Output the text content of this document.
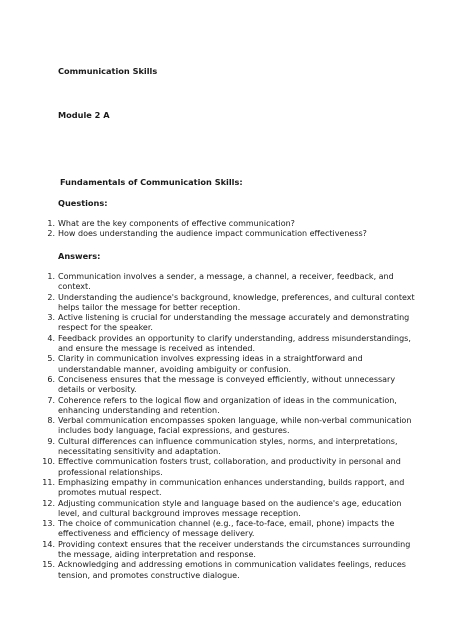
Communication Skills
Module 2 A
Fundamentals of Communication Skills:
Questions:
1. What are the key components of effective communication?
2. How does understanding the audience impact communication effectiveness?
Answers:
1. Communication involves a sender, a message, a channel, a receiver, feedback, and context.
2. Understanding the audience's background, knowledge, preferences, and cultural context helps tailor the message for better reception.
3. Active listening is crucial for understanding the message accurately and demonstrating respect for the speaker.
4. Feedback provides an opportunity to clarify understanding, address misunderstandings, and ensure the message is received as intended.
5. Clarity in communication involves expressing ideas in a straightforward and understandable manner, avoiding ambiguity or confusion.
6. Conciseness ensures that the message is conveyed efficiently, without unnecessary details or verbosity.
7. Coherence refers to the logical flow and organization of ideas in the communication, enhancing understanding and retention.
8. Verbal communication encompasses spoken language, while non-verbal communication includes body language, facial expressions, and gestures.
9. Cultural differences can influence communication styles, norms, and interpretations, necessitating sensitivity and adaptation.
10. Effective communication fosters trust, collaboration, and productivity in personal and professional relationships.
11. Emphasizing empathy in communication enhances understanding, builds rapport, and promotes mutual respect.
12. Adjusting communication style and language based on the audience's age, education level, and cultural background improves message reception.
13. The choice of communication channel (e.g., face-to-face, email, phone) impacts the effectiveness and efficiency of message delivery.
14. Providing context ensures that the receiver understands the circumstances surrounding the message, aiding interpretation and response.
15. Acknowledging and addressing emotions in communication validates feelings, reduces tension, and promotes constructive dialogue.
